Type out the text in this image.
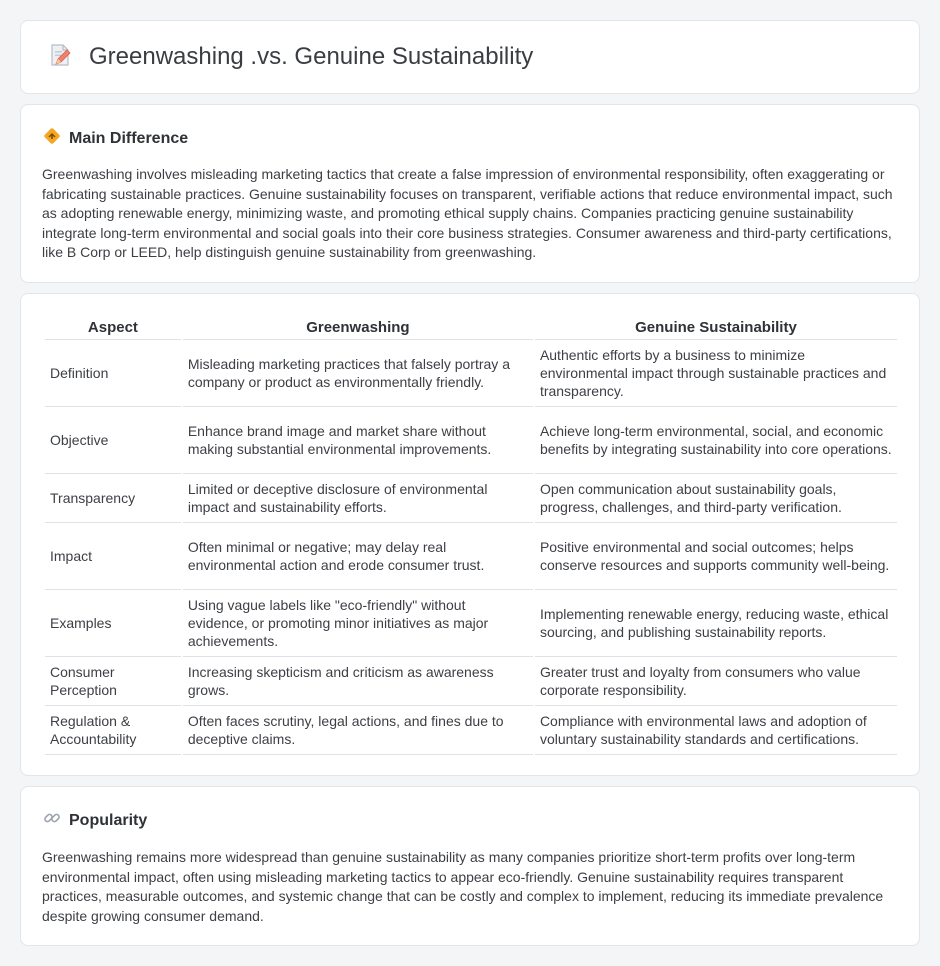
Greenwashing .vs. Genuine Sustainability
Main Difference

Greenwashing involves misleading marketing tactics that create a false impression of environmental responsibility, often exaggerating or fabricating sustainable practices. Genuine sustainability focuses on transparent, verifiable actions that reduce environmental impact, such as adopting renewable energy, minimizing waste, and promoting ethical supply chains. Companies practicing genuine sustainability integrate long-term environmental and social goals into their core business strategies. Consumer awareness and third-party certifications, like B Corp or LEED, help distinguish genuine sustainability from greenwashing.

Aspect	Greenwashing	Genuine Sustainability
Definition	Misleading marketing practices that falsely portray a company or product as environmentally friendly.	Authentic efforts by a business to minimize environmental impact through sustainable practices and transparency.
Objective	Enhance brand image and market share without making substantial environmental improvements.	Achieve long-term environmental, social, and economic benefits by integrating sustainability into core operations.
Transparency	Limited or deceptive disclosure of environmental impact and sustainability efforts.	Open communication about sustainability goals, progress, challenges, and third-party verification.
Impact	Often minimal or negative; may delay real environmental action and erode consumer trust.	Positive environmental and social outcomes; helps conserve resources and supports community well-being.
Examples	Using vague labels like "eco-friendly" without evidence, or promoting minor initiatives as major achievements.	Implementing renewable energy, reducing waste, ethical sourcing, and publishing sustainability reports.
Consumer Perception	Increasing skepticism and criticism as awareness grows.	Greater trust and loyalty from consumers who value corporate responsibility.
Regulation & Accountability	Often faces scrutiny, legal actions, and fines due to deceptive claims.	Compliance with environmental laws and adoption of voluntary sustainability standards and certifications.
Popularity

Greenwashing remains more widespread than genuine sustainability as many companies prioritize short-term profits over long-term environmental impact, often using misleading marketing tactics to appear eco-friendly. Genuine sustainability requires transparent practices, measurable outcomes, and systemic change that can be costly and complex to implement, reducing its immediate prevalence despite growing consumer demand.
